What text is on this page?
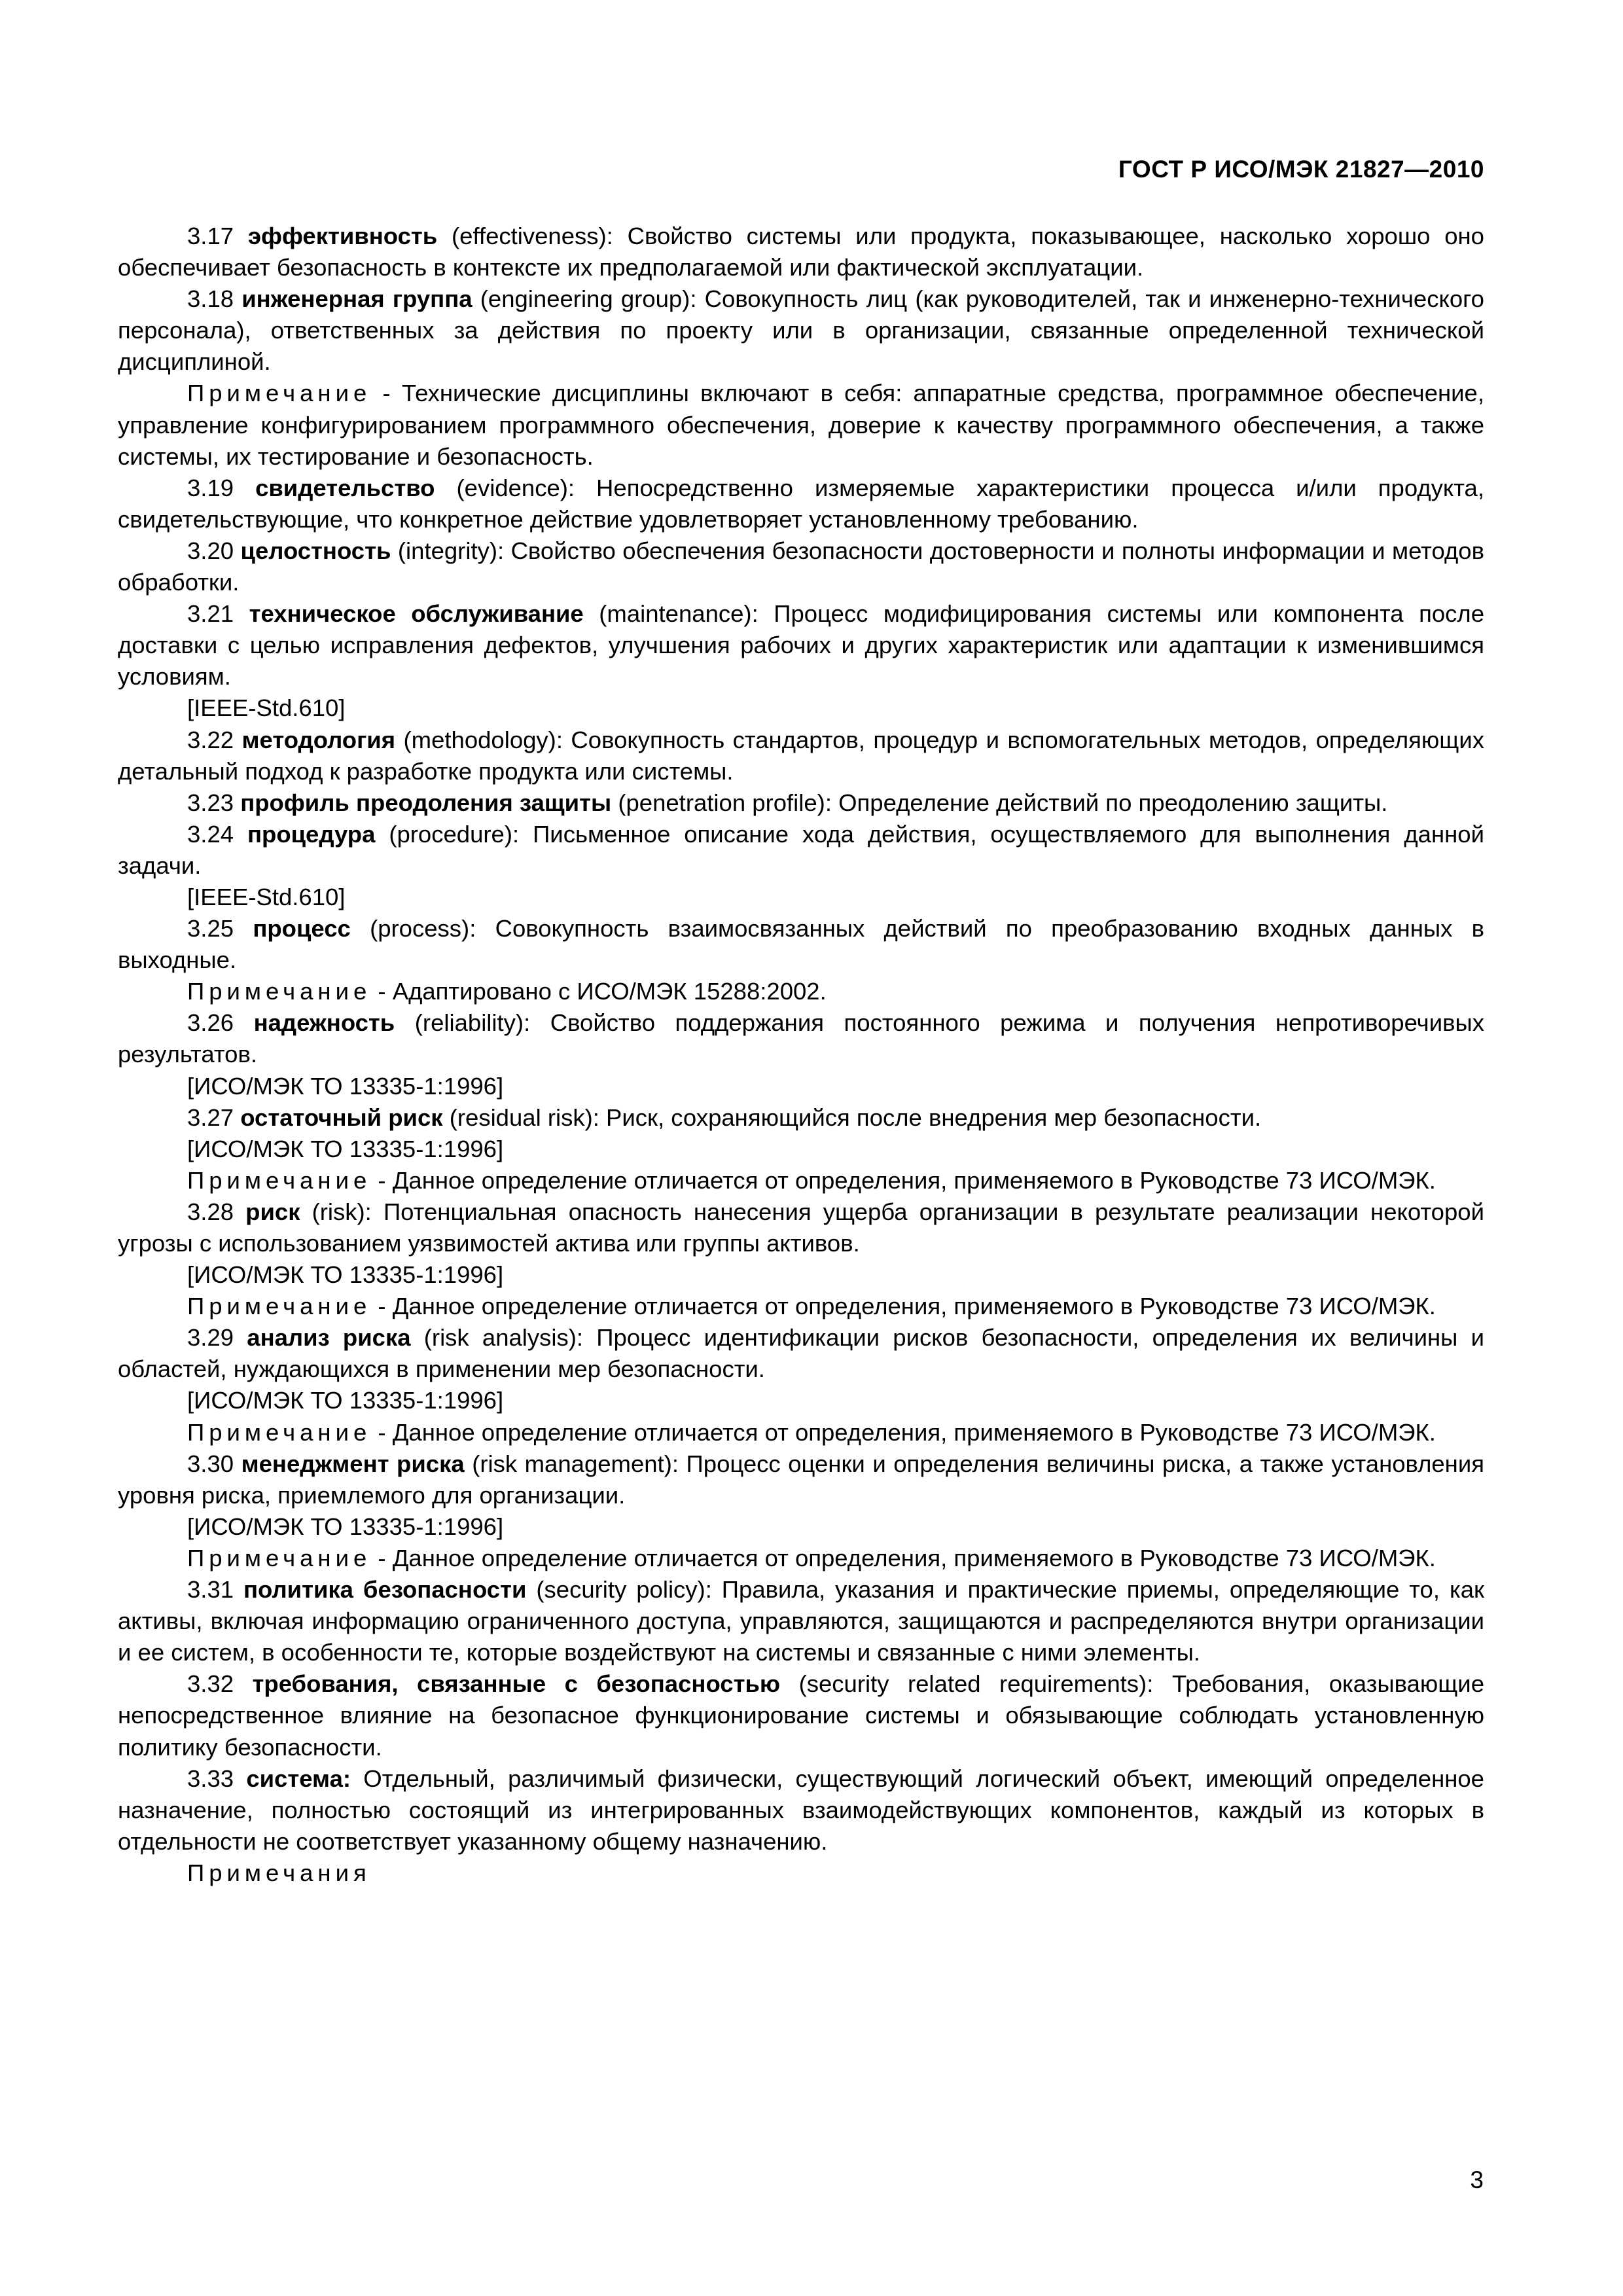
ГОСТ Р ИСО/МЭК 21827—2010

3.17 эффективность (effectiveness): Свойство системы или продукта, показывающее, насколько хорошо оно обеспечивает безопасность в контексте их предполагаемой или фактической эксплуатации.

3.18 инженерная группа (engineering group): Совокупность лиц (как руководителей, так и инженерно-технического персонала), ответственных за действия по проекту или в организации, связанные определенной технической дисциплиной.

Примечание - Технические дисциплины включают в себя: аппаратные средства, программное обеспечение, управление конфигурированием программного обеспечения, доверие к качеству программного обеспечения, а также системы, их тестирование и безопасность.

3.19 свидетельство (evidence): Непосредственно измеряемые характеристики процесса и/или продукта, свидетельствующие, что конкретное действие удовлетворяет установленному требованию.

3.20 целостность (integrity): Свойство обеспечения безопасности достоверности и полноты информации и методов обработки.

3.21 техническое обслуживание (maintenance): Процесс модифицирования системы или компонента после доставки с целью исправления дефектов, улучшения рабочих и других характеристик или адаптации к изменившимся условиям.

[IEEE-Std.610]

3.22 методология (methodology): Совокупность стандартов, процедур и вспомогательных методов, определяющих детальный подход к разработке продукта или системы.

3.23 профиль преодоления защиты (penetration profile): Определение действий по преодолению защиты.

3.24 процедура (procedure): Письменное описание хода действия, осуществляемого для выполнения данной задачи.

[IEEE-Std.610]

3.25 процесс (process): Совокупность взаимосвязанных действий по преобразованию входных данных в выходные.

Примечание - Адаптировано с ИСО/МЭК 15288:2002.

3.26 надежность (reliability): Свойство поддержания постоянного режима и получения непротиворечивых результатов.

[ИСО/МЭК ТО 13335-1:1996]

3.27 остаточный риск (residual risk): Риск, сохраняющийся после внедрения мер безопасности.

[ИСО/МЭК ТО 13335-1:1996]

Примечание - Данное определение отличается от определения, применяемого в Руководстве 73 ИСО/МЭК.

3.28 риск (risk): Потенциальная опасность нанесения ущерба организации в результате реализации некоторой угрозы с использованием уязвимостей актива или группы активов.

[ИСО/МЭК ТО 13335-1:1996]

Примечание - Данное определение отличается от определения, применяемого в Руководстве 73 ИСО/МЭК.

3.29 анализ риска (risk analysis): Процесс идентификации рисков безопасности, определения их величины и областей, нуждающихся в применении мер безопасности.

[ИСО/МЭК ТО 13335-1:1996]

Примечание - Данное определение отличается от определения, применяемого в Руководстве 73 ИСО/МЭК.

3.30 менеджмент риска (risk management): Процесс оценки и определения величины риска, а также установления уровня риска, приемлемого для организации.

[ИСО/МЭК ТО 13335-1:1996]

Примечание - Данное определение отличается от определения, применяемого в Руководстве 73 ИСО/МЭК.

3.31 политика безопасности (security policy): Правила, указания и практические приемы, определяющие то, как активы, включая информацию ограниченного доступа, управляются, защищаются и распределяются внутри организации и ее систем, в особенности те, которые воздействуют на системы и связанные с ними элементы.

3.32 требования, связанные с безопасностью (security related requirements): Требования, оказывающие непосредственное влияние на безопасное функционирование системы и обязывающие соблюдать установленную политику безопасности.

3.33 система: Отдельный, различимый физически, существующий логический объект, имеющий определенное назначение, полностью состоящий из интегрированных взаимодействующих компонентов, каждый из которых в отдельности не соответствует указанному общему назначению.

Примечания

3
